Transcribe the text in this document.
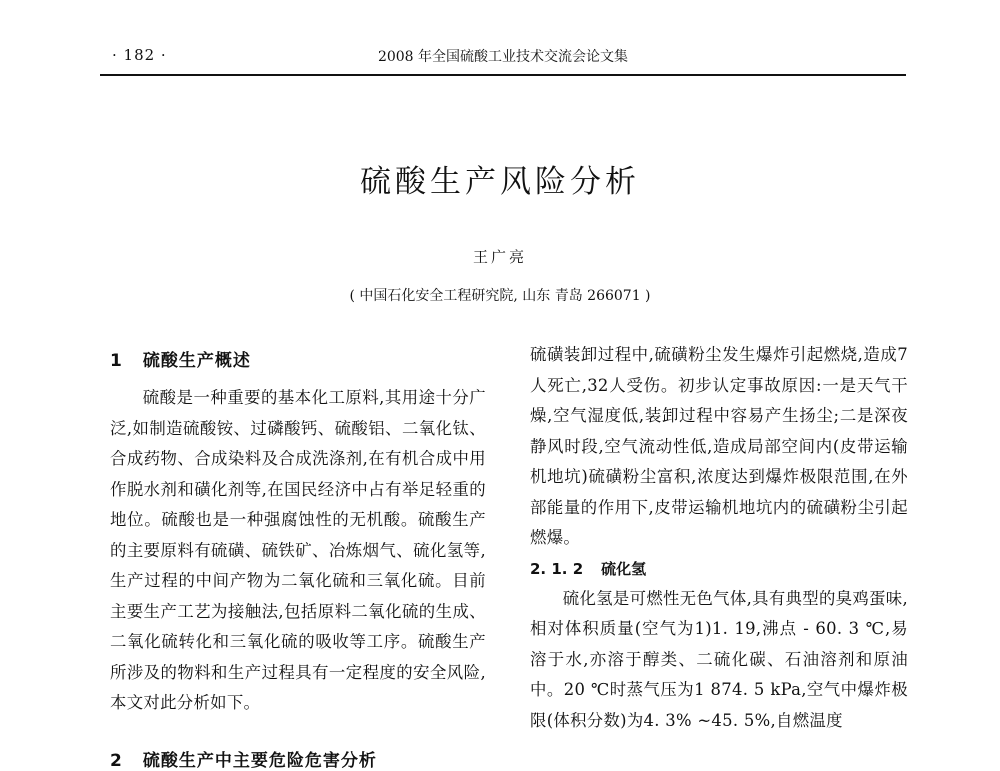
· 182 ·	2008 年全国硫酸工业技术交流会论文集
硫酸生产风险分析
王广亮
( 中国石化安全工程研究院, 山东 青岛 266071 )
1 硫酸生产概述

硫酸是一种重要的基本化工原料,其用途十分广泛,如制造硫酸铵、过磷酸钙、硫酸铝、二氧化钛、合成药物、合成染料及合成洗涤剂,在有机合成中用作脱水剂和磺化剂等,在国民经济中占有举足轻重的地位。硫酸也是一种强腐蚀性的无机酸。硫酸生产的主要原料有硫磺、硫铁矿、冶炼烟气、硫化氢等,生产过程的中间产物为二氧化硫和三氧化硫。目前主要生产工艺为接触法,包括原料二氧化硫的生成、二氧化硫转化和三氧化硫的吸收等工序。硫酸生产所涉及的物料和生产过程具有一定程度的安全风险,本文对此分析如下。

2 硫酸生产中主要危险危害分析

硫磺装卸过程中,硫磺粉尘发生爆炸引起燃烧,造成7人死亡,32人受伤。初步认定事故原因:一是天气干燥,空气湿度低,装卸过程中容易产生扬尘;二是深夜静风时段,空气流动性低,造成局部空间内(皮带运输机地坑)硫磺粉尘富积,浓度达到爆炸极限范围,在外部能量的作用下,皮带运输机地坑内的硫磺粉尘引起燃爆。

2. 1. 2 硫化氢

硫化氢是可燃性无色气体,具有典型的臭鸡蛋味,相对体积质量(空气为1)1. 19,沸点 - 60. 3 ℃,易溶于水,亦溶于醇类、二硫化碳、石油溶剂和原油中。20 ℃时蒸气压为1 874. 5 kPa,空气中爆炸极限(体积分数)为4. 3% ~45. 5%,自燃温度
